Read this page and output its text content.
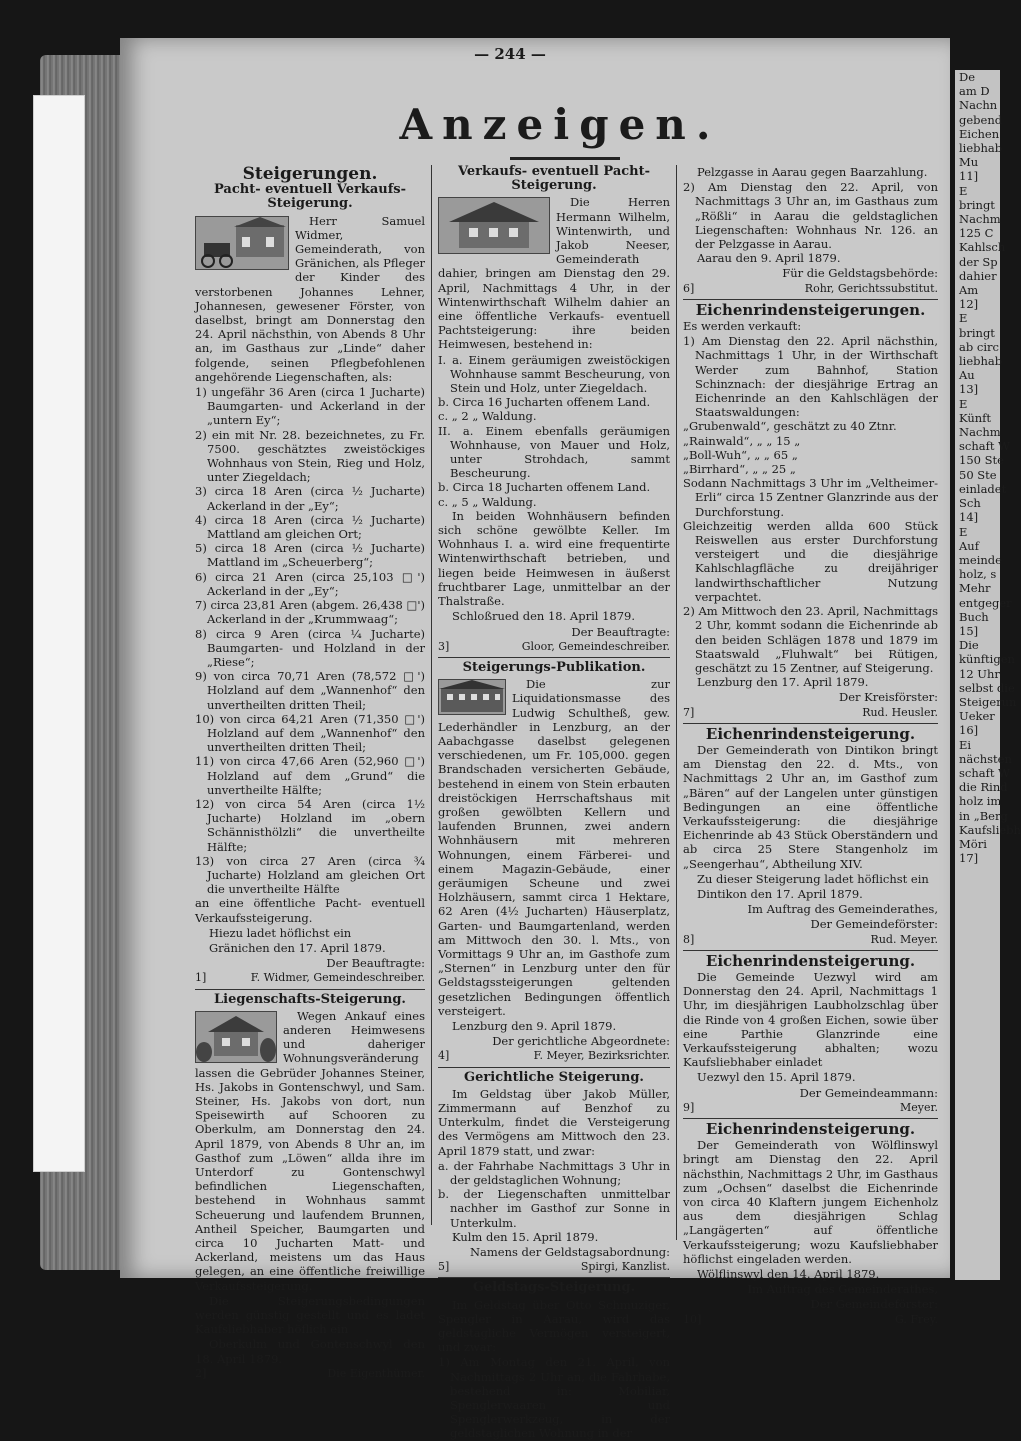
De
am D
Nachn
gebend
Eichen
liebhab
Mu
11]
E
bringt
Nachm
125 C
Kahlsch
der Sp
dahier
Am
12]
E
bringt
ab circ
liebhab
Au
13]
E
Künft
Nachm
schaft W
150 Ste
50 Ste
einladet
Sch
14]
E
Auf
meinde
holz, s
Mehr
entgeger
Buch
15]
Die
künftigen
12 Uhr
selbst die
Steigerun
Ueker
16]
Ei
nächsten
schaft W
die Rind
holz im
in „Berg
Kaufsliebh
Möri
17]
— 244 —
Anzeigen.
Steigerungen.
Pacht- eventuell Verkaufs-Steigerung.

Herr Samuel Widmer, Gemeinderath, von Gränichen, als Pfleger der Kinder des verstorbenen Johannes Lehner, Johannesen, gewesener Förster, von daselbst, bringt am Donnerstag den 24. April nächsthin, von Abends 8 Uhr an, im Gasthaus zur „Linde“ daher folgende, seinen Pflegbefohlenen angehörende Liegenschaften, als:

1) ungefähr 36 Aren (circa 1 Jucharte) Baumgarten- und Ackerland in der „untern Ey“;

2) ein mit Nr. 28. bezeichnetes, zu Fr. 7500. geschätztes zweistöckiges Wohnhaus von Stein, Rieg und Holz, unter Ziegeldach;

3) circa 18 Aren (circa ½ Jucharte) Ackerland in der „Ey“;

4) circa 18 Aren (circa ½ Jucharte) Mattland am gleichen Ort;

5) circa 18 Aren (circa ½ Jucharte) Mattland im „Scheuerberg“;

6) circa 21 Aren (circa 25,103 □') Ackerland in der „Ey“;

7) circa 23,81 Aren (abgem. 26,438 □') Ackerland in der „Krummwaag“;

8) circa 9 Aren (circa ¼ Jucharte) Baumgarten- und Holzland in der „Riese“;

9) von circa 70,71 Aren (78,572 □') Holzland auf dem „Wannenhof“ den unvertheilten dritten Theil;

10) von circa 64,21 Aren (71,350 □') Holzland auf dem „Wannenhof“ den unvertheilten dritten Theil;

11) von circa 47,66 Aren (52,960 □') Holzland auf dem „Grund“ die unvertheilte Hälfte;

12) von circa 54 Aren (circa 1½ Jucharte) Holzland im „obern Schännisthölzli“ die unvertheilte Hälfte;

13) von circa 27 Aren (circa ¾ Jucharte) Holzland am gleichen Ort die unvertheilte Hälfte

an eine öffentliche Pacht- eventuell Verkaufssteigerung.

Hiezu ladet höflichst ein

Gränichen den 17. April 1879.

Der Beauftragte:

1]	F. Widmer, Gemeindeschreiber.
Liegenschafts-Steigerung.

Wegen Ankauf eines anderen Heimwesens und daheriger Wohnungsveränderung lassen die Gebrüder Johannes Steiner, Hs. Jakobs in Gontenschwyl, und Sam. Steiner, Hs. Jakobs von dort, nun Speisewirth auf Schooren zu Oberkulm, am Donnerstag den 24. April 1879, von Abends 8 Uhr an, im Gasthof zum „Löwen“ allda ihre im Unterdorf zu Gontenschwyl befindlichen Liegenschaften, bestehend in Wohnhaus sammt Scheuerung und laufendem Brunnen, Antheil Speicher, Baumgarten und circa 10 Jucharten Matt- und Ackerland, meistens um das Haus gelegen, an eine öffentliche freiwillige Verkaufssteigerung.

Die Steigerungsbedingungen werden günstig gestellt und es ladet Kaufsliebhaber höflich ein

Oberkulm und Gontenschwyl den 18. April 1879.

2]	Die Eigenthümer.
Verkaufs- eventuell Pacht-Steigerung.

Die Herren Hermann Wilhelm, Wintenwirth, und Jakob Neeser, Gemeinderath dahier, bringen am Dienstag den 29. April, Nachmittags 4 Uhr, in der Wintenwirthschaft Wilhelm dahier an eine öffentliche Verkaufs- eventuell Pachtsteigerung: ihre beiden Heimwesen, bestehend in:

I. a. Einem geräumigen zweistöckigen Wohnhause sammt Bescheurung, von Stein und Holz, unter Ziegeldach.

b. Circa 16 Jucharten offenem Land.

c. „ 2 „ Waldung.

II. a. Einem ebenfalls geräumigen Wohnhause, von Mauer und Holz, unter Strohdach, sammt Bescheurung.

b. Circa 18 Jucharten offenem Land.

c. „ 5 „ Waldung.

In beiden Wohnhäusern befinden sich schöne gewölbte Keller. Im Wohnhaus I. a. wird eine frequentirte Wintenwirthschaft betrieben, und liegen beide Heimwesen in äußerst fruchtbarer Lage, unmittelbar an der Thalstraße.

Schloßrued den 18. April 1879.

Der Beauftragte:

3]	Gloor, Gemeindeschreiber.
Steigerungs-Publikation.

Die zur Liquidationsmasse des Ludwig Schultheß, gew. Lederhändler in Lenzburg, an der Aabachgasse daselbst gelegenen verschiedenen, um Fr. 105,000. gegen Brandschaden versicherten Gebäude, bestehend in einem von Stein erbauten dreistöckigen Herrschaftshaus mit großen gewölbten Kellern und laufenden Brunnen, zwei andern Wohnhäusern mit mehreren Wohnungen, einem Färberei- und einem Magazin-Gebäude, einer geräumigen Scheune und zwei Holzhäusern, sammt circa 1 Hektare, 62 Aren (4½ Jucharten) Häuserplatz, Garten- und Baumgartenland, werden am Mittwoch den 30. l. Mts., von Vormittags 9 Uhr an, im Gasthofe zum „Sternen“ in Lenzburg unter den für Geldstagssteigerungen geltenden gesetzlichen Bedingungen öffentlich versteigert.

Lenzburg den 9. April 1879.

Der gerichtliche Abgeordnete:

4]	F. Meyer, Bezirksrichter.
Gerichtliche Steigerung.

Im Geldstag über Jakob Müller, Zimmermann auf Benzhof zu Unterkulm, findet die Versteigerung des Vermögens am Mittwoch den 23. April 1879 statt, und zwar:

a. der Fahrhabe Nachmittags 3 Uhr in der geldstaglichen Wohnung;

b. der Liegenschaften unmittelbar nachher im Gasthof zur Sonne in Unterkulm.

Kulm den 15. April 1879.

Namens der Geldstagsabordnung:

5]	Spirgi, Kanzlist.
Geldstags-Steigerung.

Im Geldstag über Otto Schmuziger, Spengler in Aarau, wird das geldstagliche Vermögen versteigert, und zwar:

1) Am Montag den 21. April, von Nachmittags 2 Uhr an, die Fahrhabe, bestehend in: Mobiliar, Spenglerwaaren und Spenglerwerkzeug, in der geldstaglichen Wohnung in der

Pelzgasse in Aarau gegen Baarzahlung.

2) Am Dienstag den 22. April, von Nachmittags 3 Uhr an, im Gasthaus zum „Rößli“ in Aarau die geldstaglichen Liegenschaften: Wohnhaus Nr. 126. an der Pelzgasse in Aarau.

Aarau den 9. April 1879.

Für die Geldstagsbehörde:

6]	Rohr, Gerichtssubstitut.
Eichenrindensteigerungen.

Es werden verkauft:

1) Am Dienstag den 22. April nächsthin, Nachmittags 1 Uhr, in der Wirthschaft Werder zum Bahnhof, Station Schinznach: der diesjährige Ertrag an Eichenrinde an den Kahlschlägen der Staatswaldungen:

„Grubenwald“, geschätzt zu 40 Ztnr.

„Rainwald“, „ „ 15 „

„Boll-Wuh“, „ „ 65 „

„Birrhard“, „ „ 25 „

Sodann Nachmittags 3 Uhr im „Veltheimer-Erli“ circa 15 Zentner Glanzrinde aus der Durchforstung.

Gleichzeitig werden allda 600 Stück Reiswellen aus erster Durchforstung versteigert und die diesjährige Kahlschlagfläche zu dreijähriger landwirthschaftlicher Nutzung verpachtet.

2) Am Mittwoch den 23. April, Nachmittags 2 Uhr, kommt sodann die Eichenrinde ab den beiden Schlägen 1878 und 1879 im Staatswald „Fluhwalt“ bei Rütigen, geschätzt zu 15 Zentner, auf Steigerung.

Lenzburg den 17. April 1879.

Der Kreisförster:

7]	Rud. Heusler.
Eichenrindensteigerung.

Der Gemeinderath von Dintikon bringt am Dienstag den 22. d. Mts., von Nachmittags 2 Uhr an, im Gasthof zum „Bären“ auf der Langelen unter günstigen Bedingungen an eine öffentliche Verkaufssteigerung: die diesjährige Eichenrinde ab 43 Stück Oberständern und ab circa 25 Stere Stangenholz im „Seengerhau“, Abtheilung XIV.

Zu dieser Steigerung ladet höflichst ein

Dintikon den 17. April 1879.

Im Auftrag des Gemeinderathes,

Der Gemeindeförster:

8]	Rud. Meyer.
Eichenrindensteigerung.

Die Gemeinde Uezwyl wird am Donnerstag den 24. April, Nachmittags 1 Uhr, im diesjährigen Laubholzschlag über die Rinde von 4 großen Eichen, sowie über eine Parthie Glanzrinde eine Verkaufssteigerung abhalten; wozu Kaufsliebhaber einladet

Uezwyl den 15. April 1879.

Der Gemeindeammann:

9]	Meyer.
Eichenrindensteigerung.

Der Gemeinderath von Wölflinswyl bringt am Dienstag den 22. April nächsthin, Nachmittags 2 Uhr, im Gasthaus zum „Ochsen“ daselbst die Eichenrinde von circa 40 Klaftern jungem Eichenholz aus dem diesjährigen Schlag „Langägerten“ auf öffentliche Verkaufssteigerung; wozu Kaufsliebhaber höflichst eingeladen werden.

Wölflinswyl den 14. April 1879.

Im Auftrag des Gemeinderathes,

Der Gemeindeförster:

10]	G. Frey.
